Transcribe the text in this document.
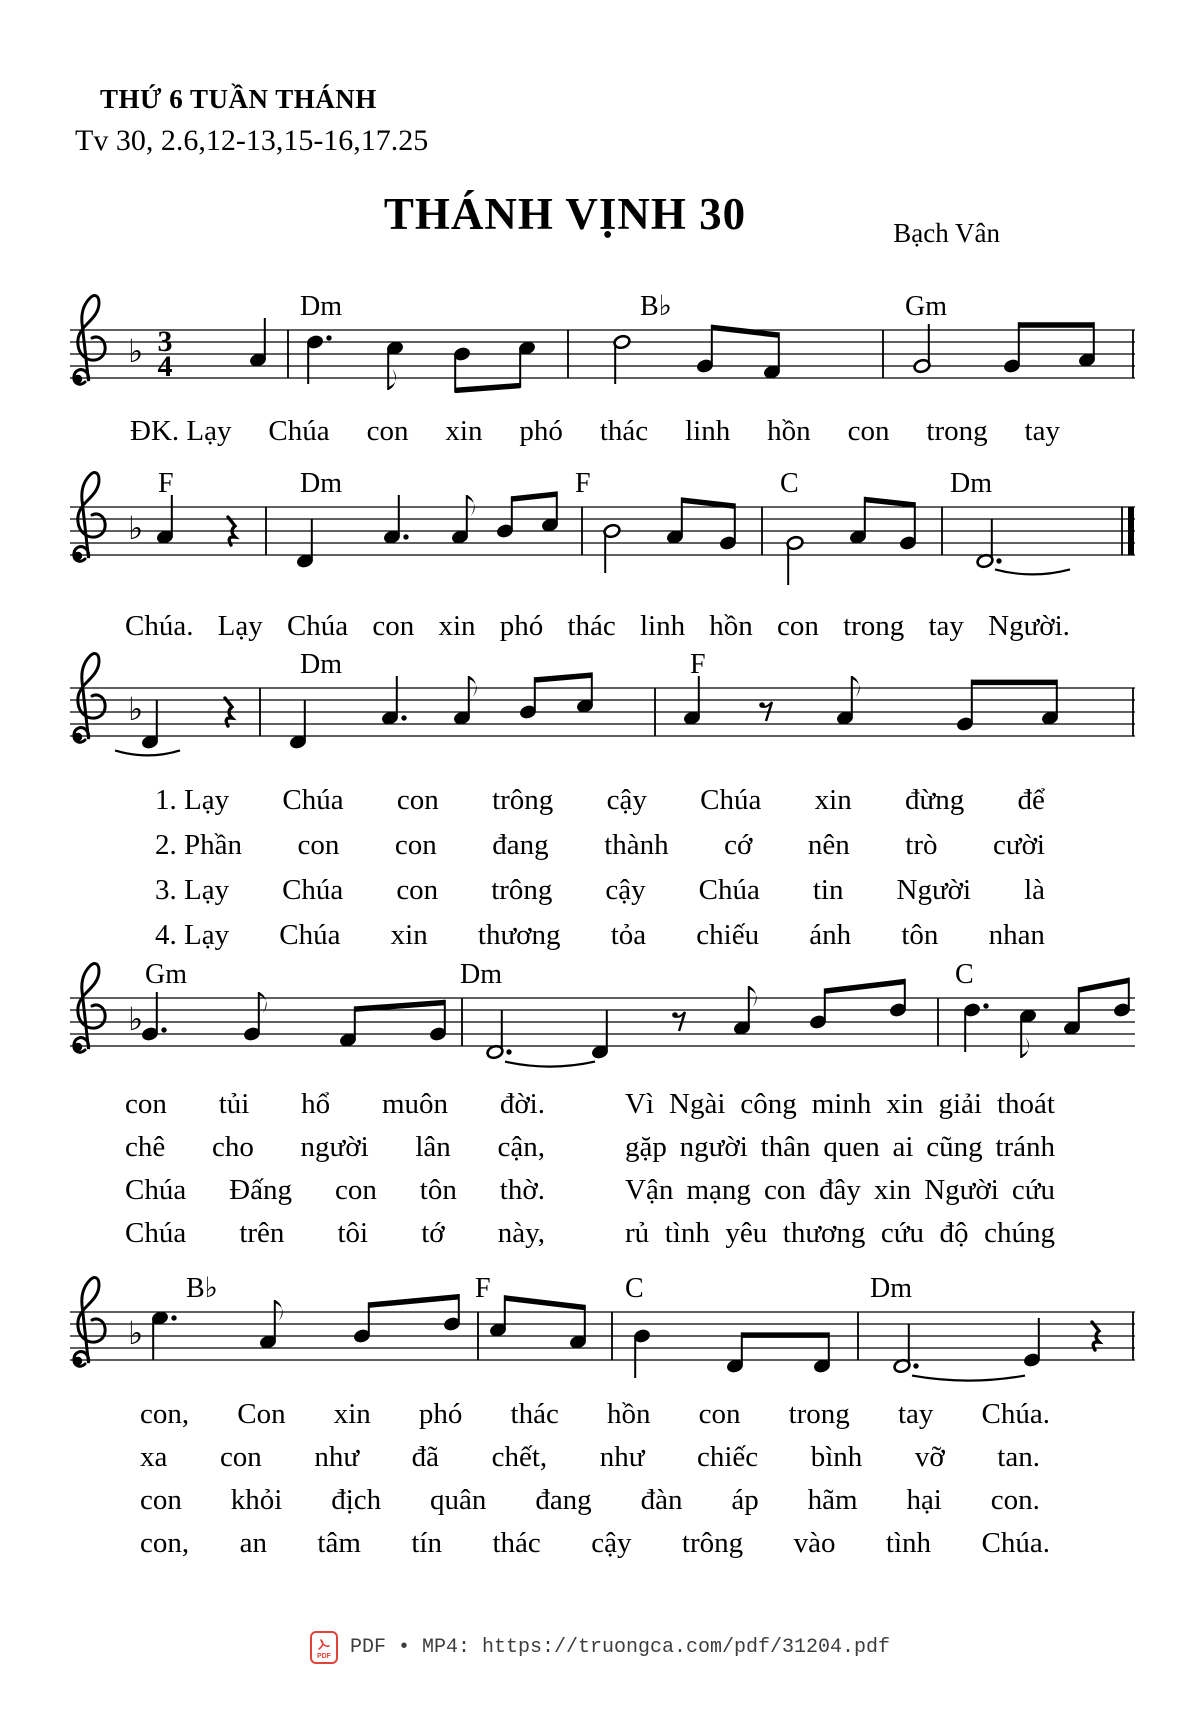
THỨ 6 TUẦN THÁNH
Tv 30, 2.6,12-13,15-16,17.25
THÁNH VỊNH 30	Bạch Vân
♭ 3
4
Dm	B♭	Gm
♭
F	Dm	F	C	Dm
♭
Dm	F
♭
Gm	Dm	C
♭
B♭	F	C	Dm
ĐK. Lạy Chúa con xin phó thác linh hồn con trong tay
Chúa. Lạy Chúa con xin phó thác linh hồn con trong tay Người.
1. Lạy Chúa con trông cậy Chúa xin đừng để
2. Phần con con đang thành cớ nên trò cười
3. Lạy Chúa con trông cậy Chúa tin Người là
4. Lạy Chúa xin thương tỏa chiếu ánh tôn nhan
con tủi hổ muôn đời.	Vì Ngài công minh xin giải thoát
chê cho người lân cận,	gặp người thân quen ai cũng tránh
Chúa Đấng con tôn thờ.	Vận mạng con đây xin Người cứu
Chúa trên tôi tớ này,	rủ tình yêu thương cứu độ chúng
con, Con xin phó thác hồn con trong tay Chúa.
xa con như đã chết, như chiếc bình vỡ tan.
con khỏi địch quân đang đàn áp hãm hại con.
con, an tâm tín thác cậy trông vào tình Chúa.
PDF PDF • MP4: https://truongca.com/pdf/31204.pdf
